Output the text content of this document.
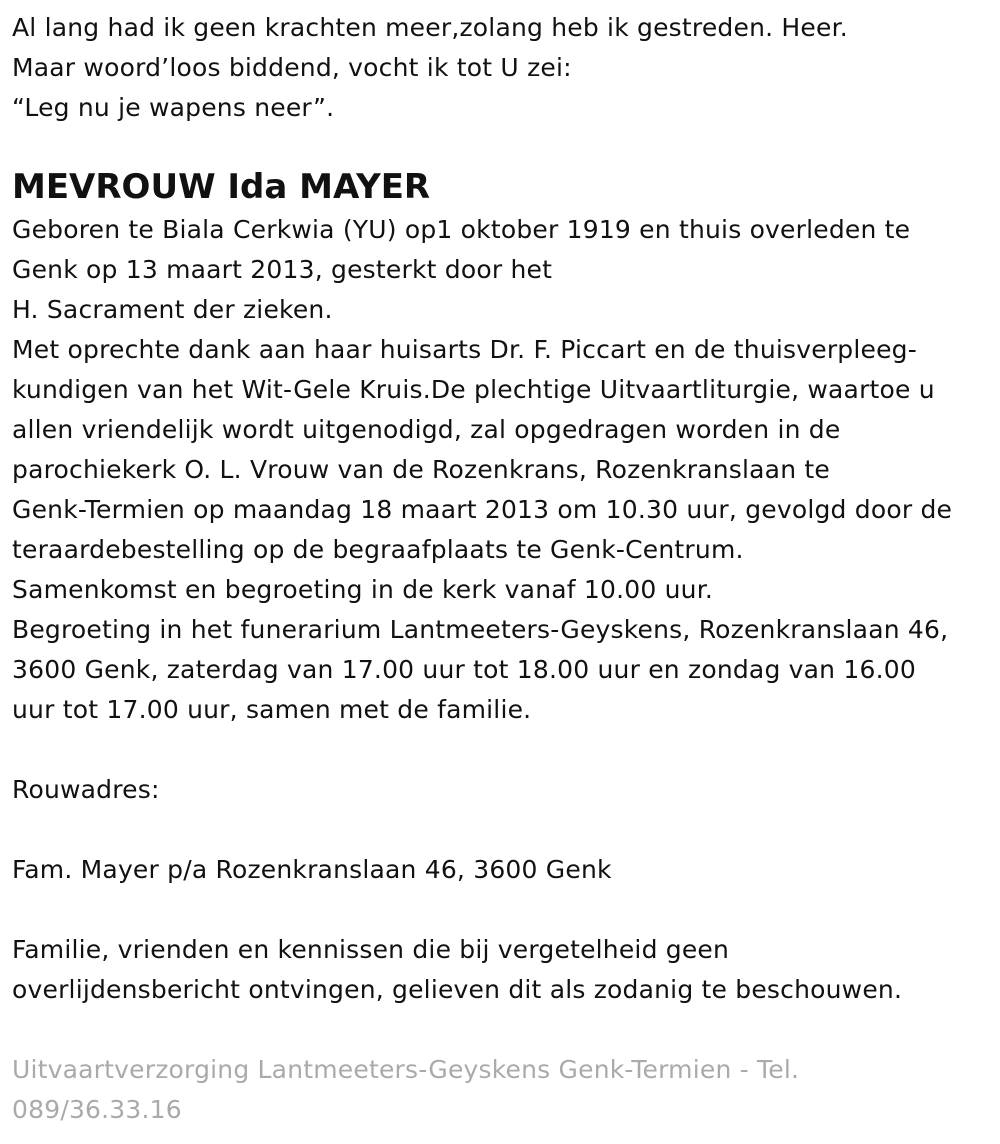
Al lang had ik geen krachten meer,zolang heb ik gestreden. Heer.
Maar woord’loos biddend, vocht ik tot U zei:
“Leg nu je wapens neer”.
MEVROUW Ida MAYER
Geboren te Biala Cerkwia (YU) op1 oktober 1919 en thuis overleden te
Genk op 13 maart 2013, gesterkt door het
H. Sacrament der zieken.
Met oprechte dank aan haar huisarts Dr. F. Piccart en de thuisverpleeg-
kundigen van het Wit-Gele Kruis.De plechtige Uitvaartliturgie, waartoe u
allen vriendelijk wordt uitgenodigd, zal opgedragen worden in de
parochiekerk O. L. Vrouw van de Rozenkrans, Rozenkranslaan te
Genk-Termien op maandag 18 maart 2013 om 10.30 uur, gevolgd door de
teraardebestelling op de begraafplaats te Genk-Centrum.
Samenkomst en begroeting in de kerk vanaf 10.00 uur.
Begroeting in het funerarium Lantmeeters-Geyskens, Rozenkranslaan 46,
3600 Genk, zaterdag van 17.00 uur tot 18.00 uur en zondag van 16.00
uur tot 17.00 uur, samen met de familie.
Rouwadres:
Fam. Mayer p/a Rozenkranslaan 46, 3600 Genk
Familie, vrienden en kennissen die bij vergetelheid geen
overlijdensbericht ontvingen, gelieven dit als zodanig te beschouwen.
Uitvaartverzorging Lantmeeters-Geyskens Genk-Termien - Tel.
089/36.33.16
